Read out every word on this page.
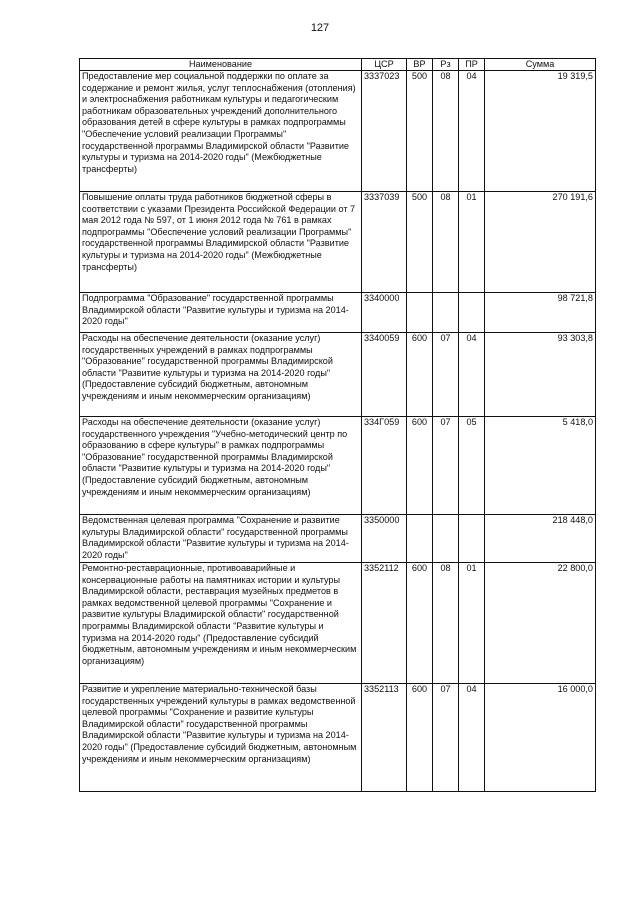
127
Наименование	ЦСР	ВР	Рз	ПР	Сумма
Предоставление мер социальной поддержки по оплате за содержание и ремонт жилья, услуг теплоснабжения (отопления) и электроснабжения работникам культуры и педагогическим работникам образовательных учреждений дополнительного образования детей в сфере культуры в рамках подпрограммы "Обеспечение условий реализации Программы" государственной программы Владимирской области "Развитие культуры и туризма на 2014-2020 годы" (Межбюджетные трансферты)	3337023	500	08	04	19 319,5
Повышение оплаты труда работников бюджетной сферы в соответствии с указами Президента Российской Федерации от 7 мая 2012 года № 597, от 1 июня 2012 года № 761 в рамках подпрограммы "Обеспечение условий реализации Программы" государственной программы Владимирской области "Развитие культуры и туризма на 2014-2020 годы" (Межбюджетные трансферты)	3337039	500	08	01	270 191,6
Подпрограмма "Образование" государственной программы Владимирской области "Развитие культуры и туризма на 2014-2020 годы"	3340000				98 721,8
Расходы на обеспечение деятельности (оказание услуг) государственных учреждений в рамках подпрограммы "Образование" государственной программы Владимирской области "Развитие культуры и туризма на 2014-2020 годы" (Предоставление субсидий бюджетным, автономным учреждениям и иным некоммерческим организациям)	3340059	600	07	04	93 303,8
Расходы на обеспечение деятельности (оказание услуг) государственного учреждения "Учебно-методический центр по образованию в сфере культуры" в рамках подпрограммы "Образование" государственной программы Владимирской области "Развитие культуры и туризма на 2014-2020 годы" (Предоставление субсидий бюджетным, автономным учреждениям и иным некоммерческим организациям)	334Г059	600	07	05	5 418,0
Ведомственная целевая программа "Сохранение и развитие культуры Владимирской области" государственной программы Владимирской области "Развитие культуры и туризма на 2014-2020 годы"	3350000				218 448,0
Ремонтно-реставрационные, противоаварийные и консервационные работы на памятниках истории и культуры Владимирской области, реставрация музейных предметов в рамках ведомственной целевой программы "Сохранение и развитие культуры Владимирской области" государственной программы Владимирской области "Развитие культуры и туризма на 2014-2020 годы" (Предоставление субсидий бюджетным, автономным учреждениям и иным некоммерческим организациям)	3352112	600	08	01	22 800,0
Развитие и укрепление материально-технической базы государственных учреждений культуры в рамках ведомственной целевой программы "Сохранение и развитие культуры Владимирской области" государственной программы Владимирской области "Развитие культуры и туризма на 2014-2020 годы" (Предоставление субсидий бюджетным, автономным учреждениям и иным некоммерческим организациям)	3352113	600	07	04	16 000,0
